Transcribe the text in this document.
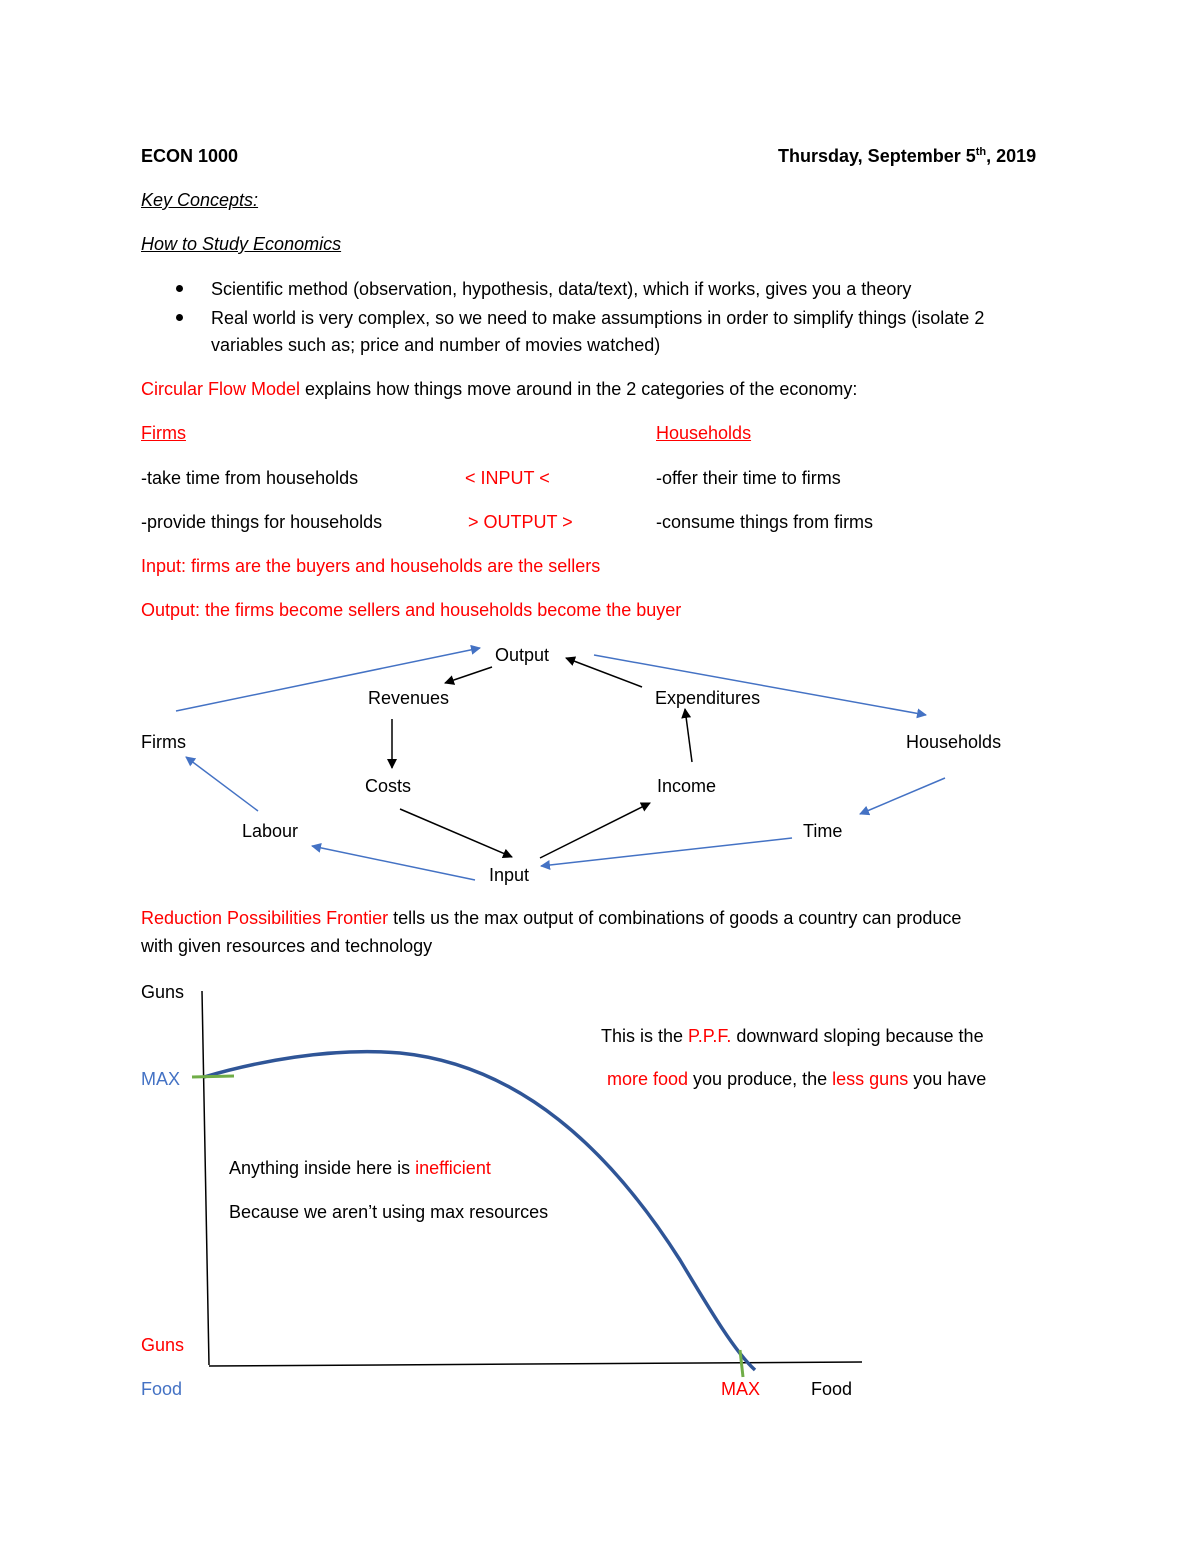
ECON 1000	Thursday, September 5th, 2019
Key Concepts:
How to Study Economics
Scientific method (observation, hypothesis, data/text), which if works, gives you a theory
Real world is very complex, so we need to make assumptions in order to simplify things (isolate 2
variables such as; price and number of movies watched)
Circular Flow Model explains how things move around in the 2 categories of the economy:
Firms	Households
-take time from households	< INPUT <	-offer their time to firms
-provide things for households	> OUTPUT >	-consume things from firms
Input: firms are the buyers and households are the sellers
Output: the firms become sellers and households become the buyer
Output
Revenues	Expenditures
Firms	Households
Costs	Income
Labour	Time
Input
Reduction Possibilities Frontier tells us the max output of combinations of goods a country can produce
with given resources and technology
Guns
MAX
This is the P.P.F. downward sloping because the
more food you produce, the less guns you have
Anything inside here is inefficient
Because we aren’t using max resources
Guns
Food	MAX	Food
